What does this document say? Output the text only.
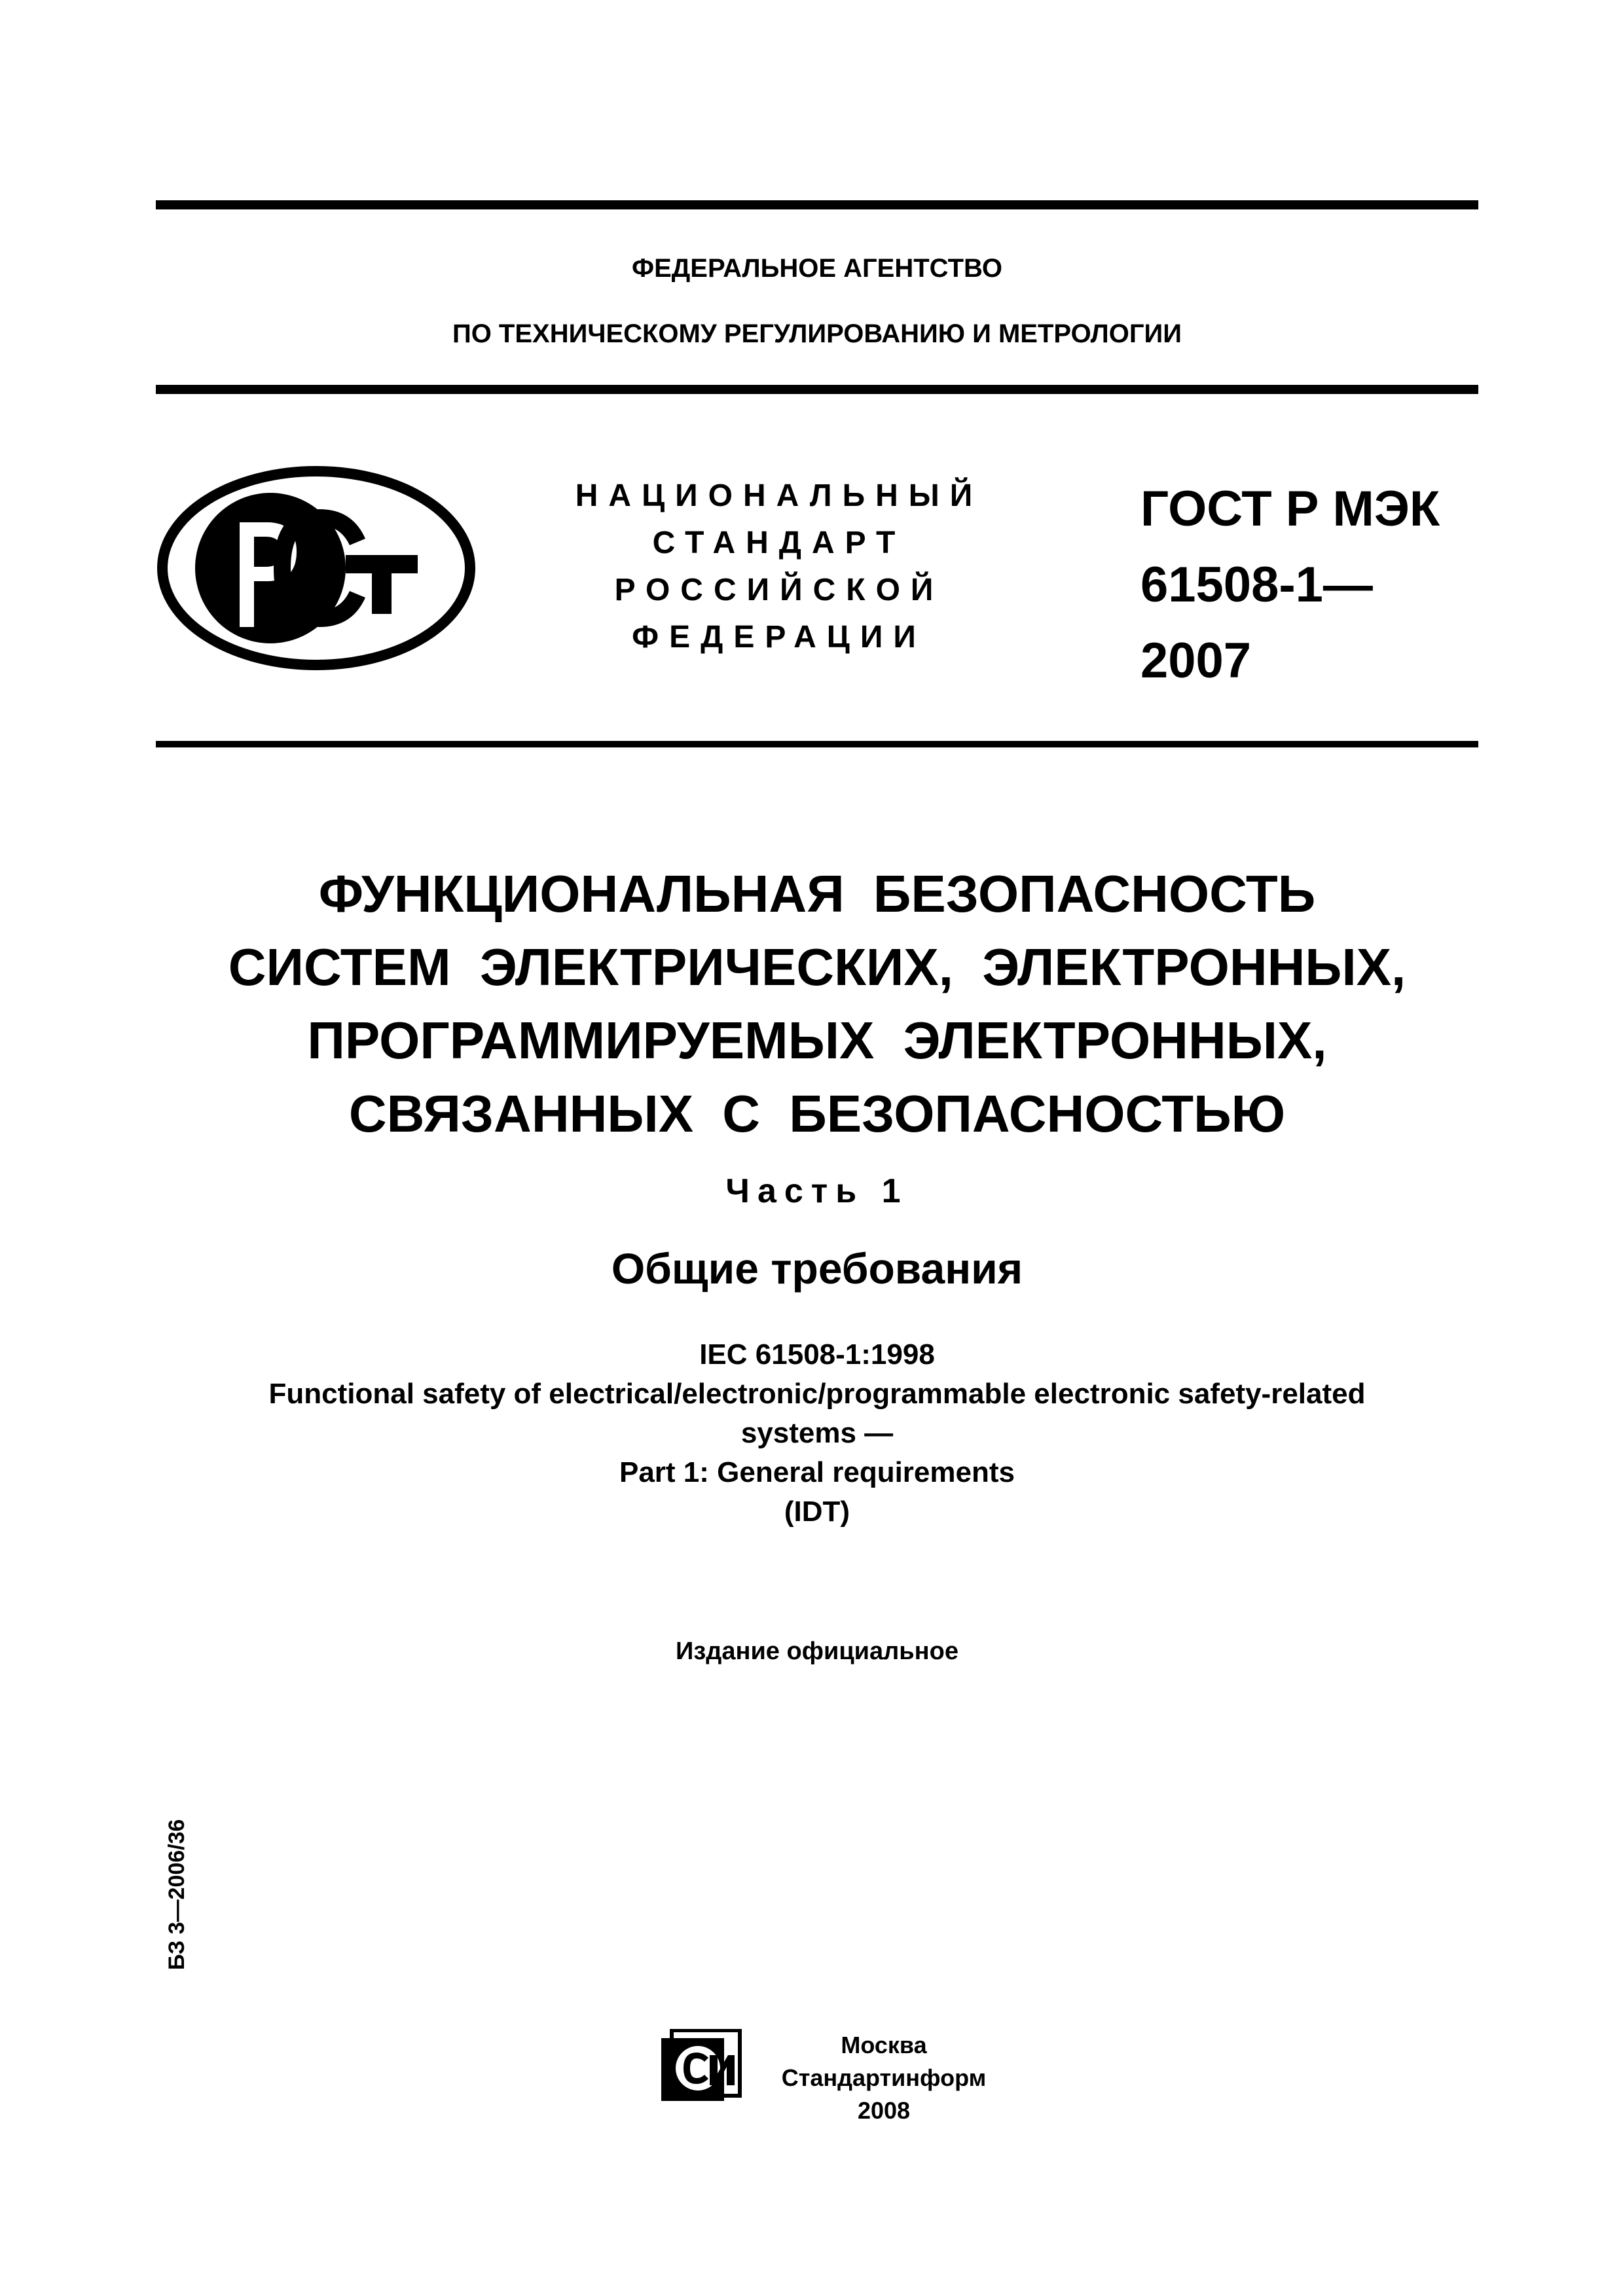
ФЕДЕРАЛЬНОЕ АГЕНТСТВО
ПО ТЕХНИЧЕСКОМУ РЕГУЛИРОВАНИЮ И МЕТРОЛОГИИ
НАЦИОНАЛЬНЫЙ
СТАНДАРТ
РОССИЙСКОЙ
ФЕДЕРАЦИИ
ГОСТ Р МЭК
61508-1—
2007
ФУНКЦИОНАЛЬНАЯ БЕЗОПАСНОСТЬ
СИСТЕМ ЭЛЕКТРИЧЕСКИХ, ЭЛЕКТРОННЫХ,
ПРОГРАММИРУЕМЫХ ЭЛЕКТРОННЫХ,
СВЯЗАННЫХ С БЕЗОПАСНОСТЬЮ
Часть 1
Общие требования
IEC 61508-1:1998
Functional safety of electrical/electronic/programmable electronic safety-related
systems —
Part 1: General requirements
(IDT)
Издание официальное
БЗ 3—2006/36
Москва
Стандартинформ
2008
